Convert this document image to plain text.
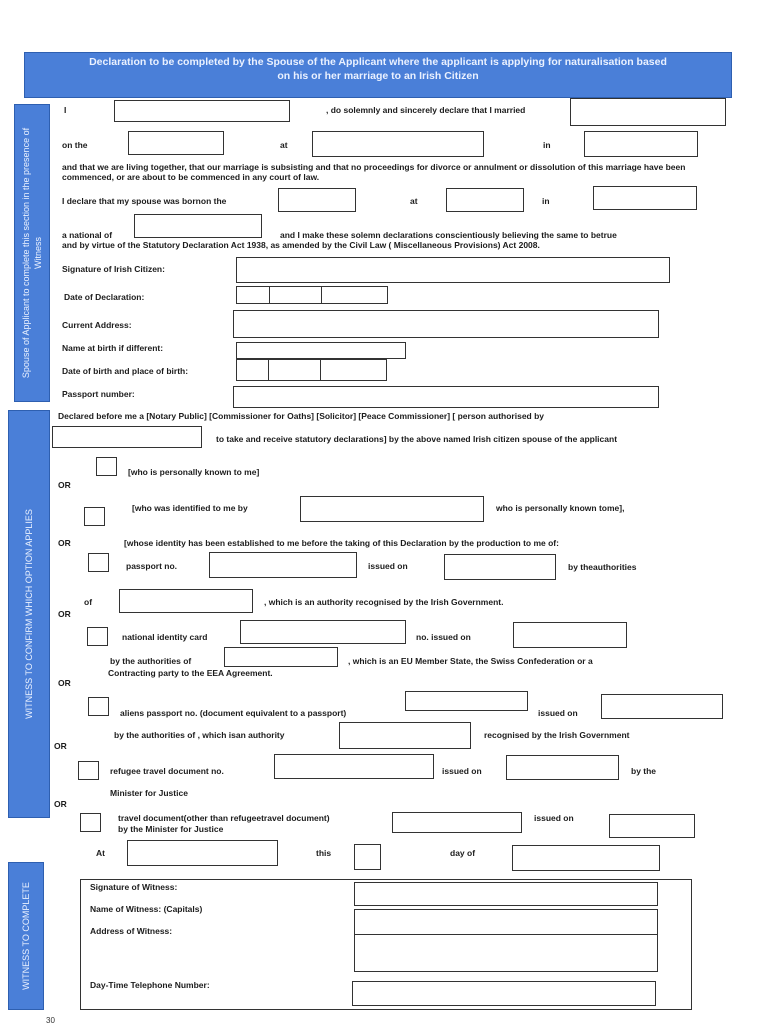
Declaration to be completed by the Spouse of the Applicant where the applicant is applying for naturalisation based
on his or her marriage to an Irish Citizen
Spouse of Applicant to complete this section in the presence of Witness
WITNESS TO CONFIRM WHICH OPTION APPLIES
WITNESS TO COMPLETE
I	, do solemnly and sincerely declare that I married
on the	at	in
and that we are living together, that our marriage is subsisting and that no proceedings for divorce or annulment or dissolution of this marriage have been commenced, or are about to be commenced in any court of law.
I declare that my spouse was bornon the	at	in
a national of	and I make these solemn declarations conscientiously believing the same to betrue
and by virtue of the Statutory Declaration Act 1938, as amended by the Civil Law ( Miscellaneous Provisions) Act 2008.
Signature of Irish Citizen:
Date of Declaration:
Current Address:
Name at birth if different:
Date of birth and place of birth:
Passport number:
Declared before me a [Notary Public] [Commissioner for Oaths] [Solicitor] [Peace Commissioner] [ person authorised by
to take and receive statutory declarations] by the above named Irish citizen spouse of the applicant
[who is personally known to me]
OR
[who was identified to me by	who is personally known tome],
OR	[whose identity has been established to me before the taking of this Declaration by the production to me of:
passport no.	issued on	by theauthorities
of	, which is an authority recognised by the Irish Government.
OR
national identity card	no. issued on
by the authorities of	, which is an EU Member State, the Swiss Confederation or a
Contracting party to the EEA Agreement.
OR
aliens passport no. (document equivalent to a passport)	issued on
by the authorities of , which isan authority	recognised by the Irish Government
OR
refugee travel document no.	issued on	by the
Minister for Justice
OR
travel document(other than refugeetravel document)
by the Minister for Justice
issued on
At	this	day of
Signature of Witness:
Name of Witness: (Capitals)
Address of Witness:
Day-Time Telephone Number:
30
